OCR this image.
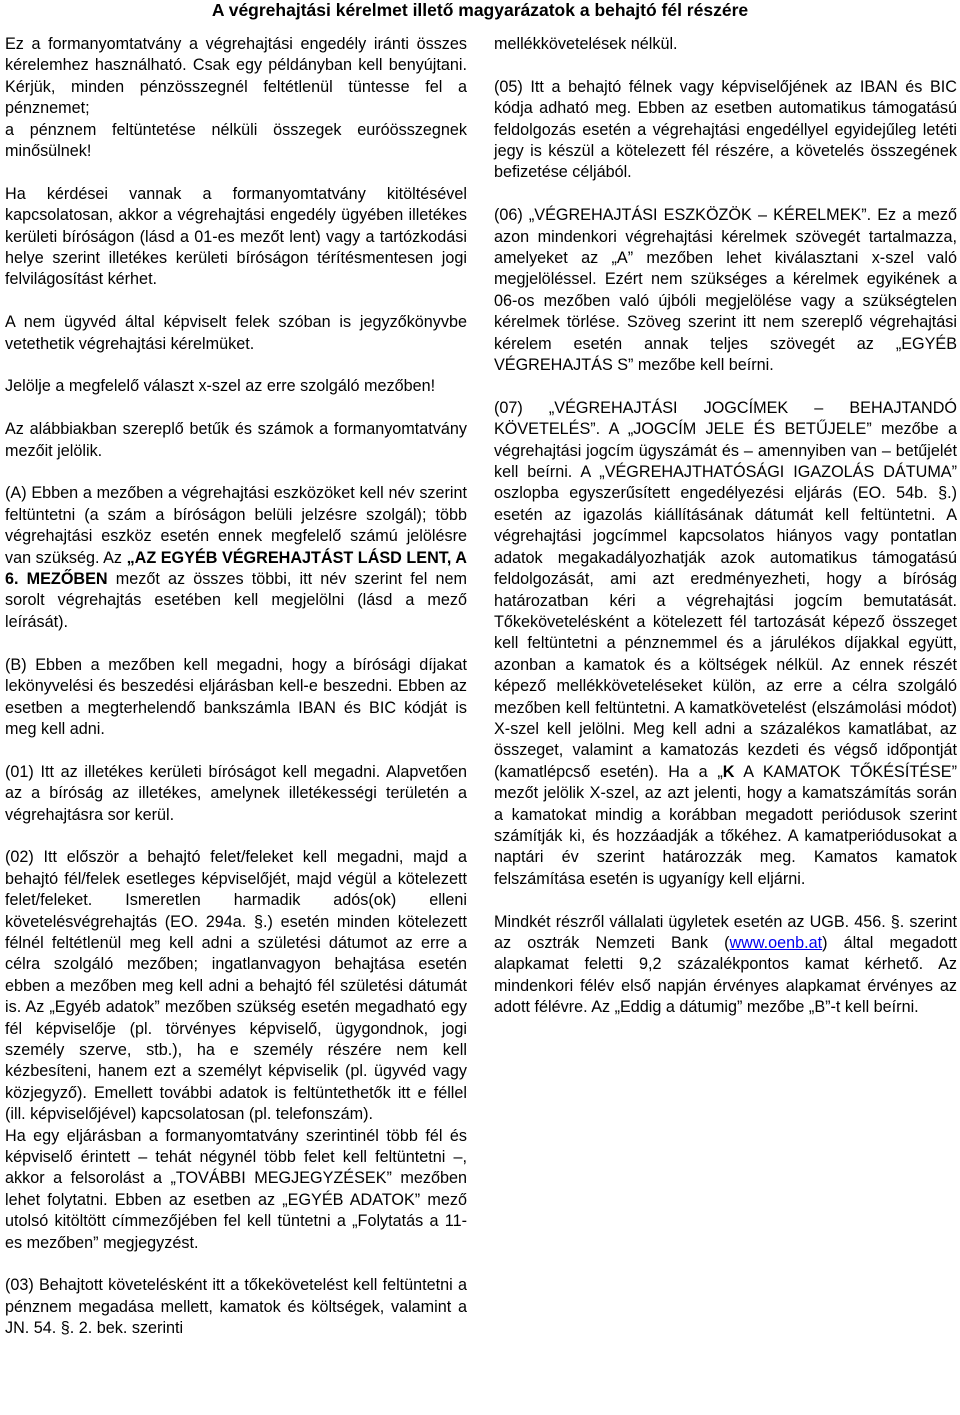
A végrehajtási kérelmet illető magyarázatok a behajtó fél részére

Ez a formanyomtatvány a végrehajtási engedély iránti összes kérelemhez használható. Csak egy példányban kell benyújtani. Kérjük, minden pénzösszegnél feltétlenül tüntesse fel a pénznemet;
a pénznem feltüntetése nélküli összegek euróösszegnek minősülnek!

Ha kérdései vannak a formanyomtatvány kitöltésével kapcsolatosan, akkor a végrehajtási engedély ügyében illetékes kerületi bíróságon (lásd a 01-es mezőt lent) vagy a tartózkodási helye szerint illetékes kerületi bíróságon térítésmentesen jogi felvilágosítást kérhet.

A nem ügyvéd által képviselt felek szóban is jegyzőkönyvbe vetethetik végrehajtási kérelmüket.

Jelölje a megfelelő választ x-szel az erre szolgáló mezőben!

Az alábbiakban szereplő betűk és számok a formanyomtatvány mezőit jelölik.

(A) Ebben a mezőben a végrehajtási eszközöket kell név szerint feltüntetni (a szám a bíróságon belüli jelzésre szolgál); több végrehajtási eszköz esetén ennek megfelelő számú jelölésre van szükség. Az „AZ EGYÉB VÉGREHAJTÁST LÁSD LENT, A 6. MEZŐBEN mezőt az összes többi, itt név szerint fel nem sorolt végrehajtás esetében kell megjelölni (lásd a mező leírását).

(B) Ebben a mezőben kell megadni, hogy a bírósági díjakat lekönyvelési és beszedési eljárásban kell-e beszedni. Ebben az esetben a megterhelendő bankszámla IBAN és BIC kódját is meg kell adni.

(01) Itt az illetékes kerületi bíróságot kell megadni. Alapvetően az a bíróság az illetékes, amelynek illetékességi területén a végrehajtásra sor kerül.

(02) Itt először a behajtó felet/feleket kell megadni, majd a behajtó fél/felek esetleges képviselőjét, majd végül a kötelezett felet/feleket. Ismeretlen harmadik adós(ok) elleni követelésvégrehajtás (EO. 294a. §.) esetén minden kötelezett félnél feltétlenül meg kell adni a születési dátumot az erre a célra szolgáló mezőben; ingatlanvagyon behajtása esetén ebben a mezőben meg kell adni a behajtó fél születési dátumát is. Az „Egyéb adatok” mezőben szükség esetén megadható egy fél képviselője (pl. törvényes képviselő, ügygondnok, jogi személy szerve, stb.), ha e személy részére nem kell kézbesíteni, hanem ezt a személyt képviselik (pl. ügyvéd vagy közjegyző). Emellett további adatok is feltüntethetők itt e féllel (ill. képviselőjével) kapcsolatosan (pl. telefonszám).

Ha egy eljárásban a formanyomtatvány szerintinél több fél és képviselő érintett – tehát négynél több felet kell feltüntetni –, akkor a felsorolást a „TOVÁBBI MEGJEGYZÉSEK” mezőben lehet folytatni. Ebben az esetben az „EGYÉB ADATOK” mező utolsó kitöltött címmezőjében fel kell tüntetni a „Folytatás a 11-es mezőben” megjegyzést.

(03) Behajtott követelésként itt a tőkekövetelést kell feltüntetni a pénznem megadása mellett, kamatok és költségek, valamint a JN. 54. §. 2. bek. szerinti

mellékkövetelések nélkül.

(05) Itt a behajtó félnek vagy képviselőjének az IBAN és BIC kódja adható meg. Ebben az esetben automatikus támogatású feldolgozás esetén a végrehajtási engedéllyel egyidejűleg letéti jegy is készül a kötelezett fél részére, a követelés összegének befizetése céljából.

(06) „VÉGREHAJTÁSI ESZKÖZÖK – KÉRELMEK”. Ez a mező azon mindenkori végrehajtási kérelmek szövegét tartalmazza, amelyeket az „A” mezőben lehet kiválasztani x-szel való megjelöléssel. Ezért nem szükséges a kérelmek egyikének a 06-os mezőben való újbóli megjelölése vagy a szükségtelen kérelmek törlése. Szöveg szerint itt nem szereplő végrehajtási kérelem esetén annak teljes szövegét az „EGYÉB VÉGREHAJTÁS S” mezőbe kell beírni.

(07) „VÉGREHAJTÁSI JOGCÍMEK – BEHAJTANDÓ KÖVETELÉS”. A „JOGCÍM JELE ÉS BETŰJELE” mezőbe a végrehajtási jogcím ügyszámát és – amennyiben van – betűjelét kell beírni. A „VÉGREHAJTHATÓSÁGI IGAZOLÁS DÁTUMA” oszlopba egyszerűsített engedélyezési eljárás (EO. 54b. §.) esetén az igazolás kiállításának dátumát kell feltüntetni. A végrehajtási jogcímmel kapcsolatos hiányos vagy pontatlan adatok megakadályozhatják azok automatikus támogatású feldolgozását, ami azt eredményezheti, hogy a bíróság határozatban kéri a végrehajtási jogcím bemutatását. Tőkekövetelésként a kötelezett fél tartozását képező összeget kell feltüntetni a pénznemmel és a járulékos díjakkal együtt, azonban a kamatok és a költségek nélkül. Az ennek részét képező mellékköveteléseket külön, az erre a célra szolgáló mezőben kell feltüntetni. A kamatkövetelést (elszámolási módot) X-szel kell jelölni. Meg kell adni a százalékos kamatlábat, az összeget, valamint a kamatozás kezdeti és végső időpontját (kamatlépcső esetén). Ha a „K A KAMATOK TŐKÉSÍTÉSE” mezőt jelölik X-szel, az azt jelenti, hogy a kamatszámítás során a kamatokat mindig a korábban megadott periódusok szerint számítják ki, és hozzáadják a tőkéhez. A kamatperiódusokat a naptári év szerint határozzák meg. Kamatos kamatok felszámítása esetén is ugyanígy kell eljárni.

Mindkét részről vállalati ügyletek esetén az UGB. 456. §. szerint az osztrák Nemzeti Bank (www.oenb.at) által megadott alapkamat feletti 9,2 százalékpontos kamat kérhető. Az mindenkori félév első napján érvényes alapkamat érvényes az adott félévre. Az „Eddig a dátumig” mezőbe „B”-t kell beírni.
